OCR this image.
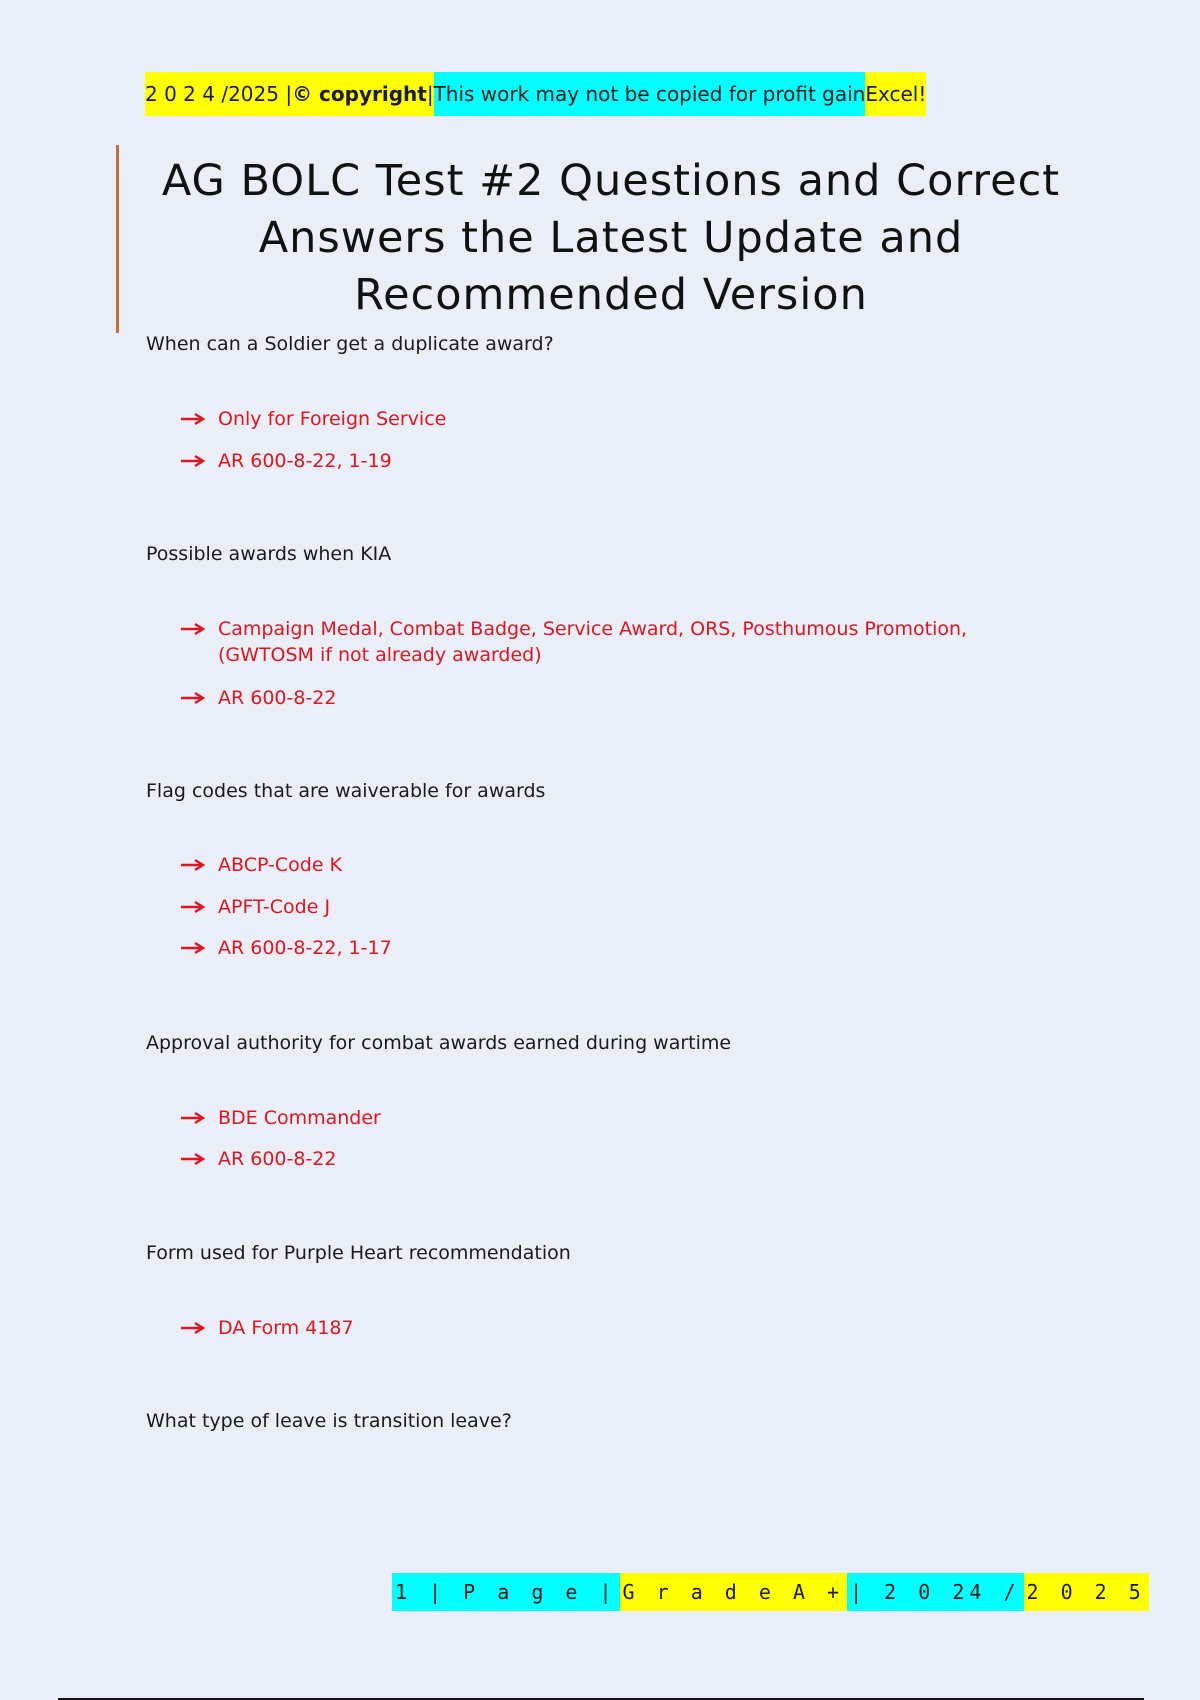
2 0 2 4 /2025 | © copyright | This work may not be copied for profit gain Excel!
AG BOLC Test #2 Questions and Correct Answers the Latest Update and Recommended Version

When can a Soldier get a duplicate award?

Only for Foreign Service
AR 600-8-22, 1-19

Possible awards when KIA

Campaign Medal, Combat Badge, Service Award, ORS, Posthumous Promotion, (GWTOSM if not already awarded)
AR 600-8-22

Flag codes that are waiverable for awards

ABCP-Code K
APFT-Code J
AR 600-8-22, 1-17

Approval authority for combat awards earned during wartime

BDE Commander
AR 600-8-22

Form used for Purple Heart recommendation

DA Form 4187

What type of leave is transition leave?

1 | P a g e | G r a d e A + | 2 0 24 / 2 0 2 5
